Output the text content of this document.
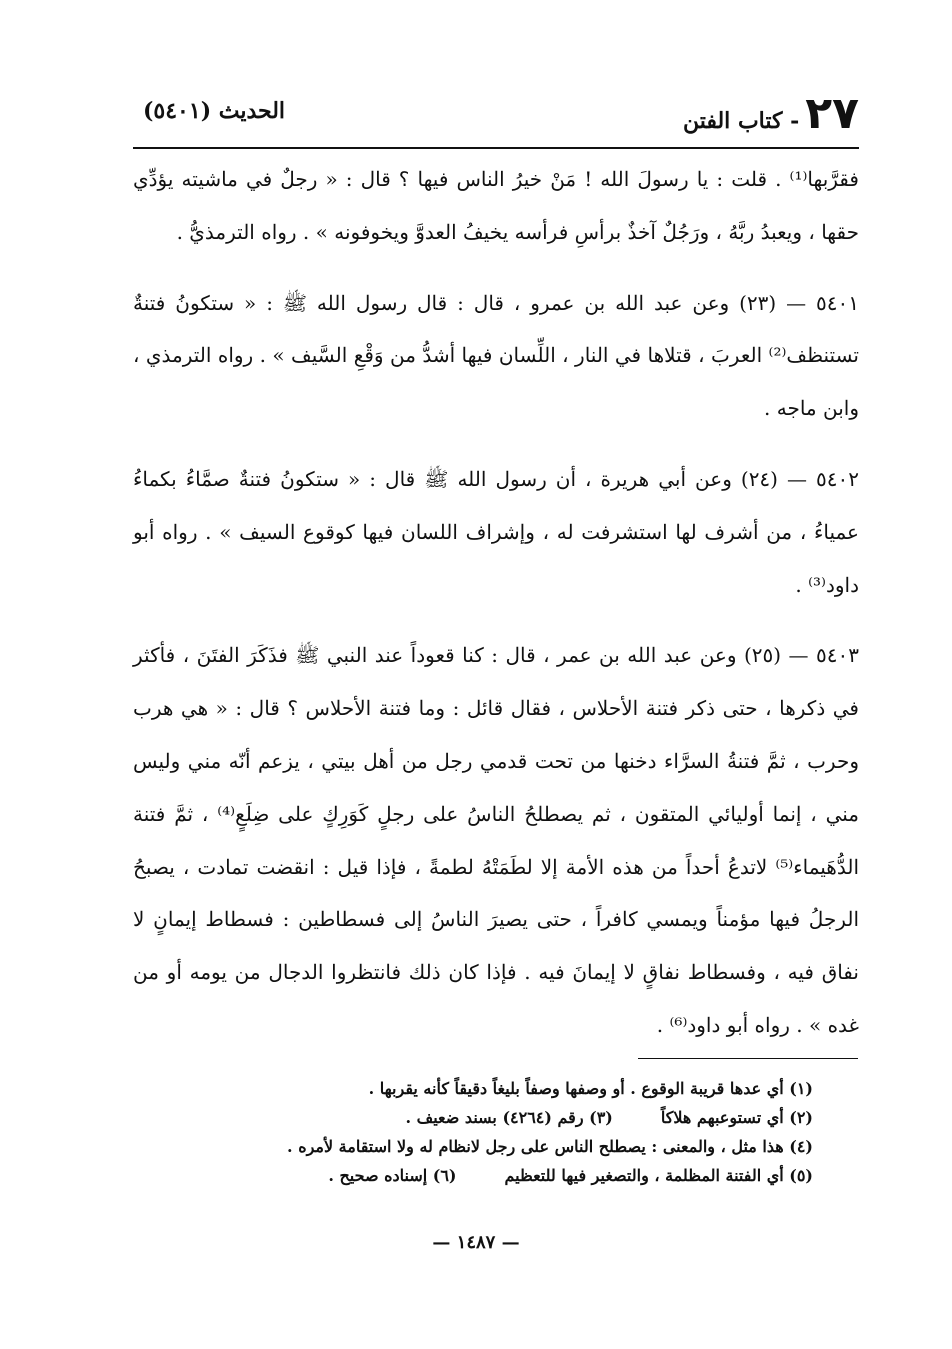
٢٧- كتاب الفتن
الحديث (٥٤٠١)

فقرَّبها⁽¹⁾ . قلت : يا رسولَ الله ! مَنْ خيرُ الناس فيها ؟ قال : « رجلٌ في ماشيته يؤدِّي حقها ، ويعبدُ ربَّهُ ، ورَجُلٌ آخذٌ برأسِ فرأسه يخيفُ العدوَّ ويخوفونه » . رواه الترمذيُّ .

٥٤٠١ — (٢٣) وعن عبد الله بن عمرو ، قال : قال رسول الله ﷺ : « ستكونُ فتنةٌ تستنظف⁽²⁾ العربَ ، قتلاها في النار ، اللِّسان فيها أشدُّ من وَقْعِ السَّيف » . رواه الترمذي ، وابن ماجه .

٥٤٠٢ — (٢٤) وعن أبي هريرة ، أن رسول الله ﷺ قال : « ستكونُ فتنةٌ صمَّاءُ بكماءُ عمياءُ ، من أشرف لها استشرفت له ، وإشراف اللسان فيها كوقوع السيف » . رواه أبو داود⁽³⁾ .

٥٤٠٣ — (٢٥) وعن عبد الله بن عمر ، قال : كنا قعوداً عند النبي ﷺ فذَكَرَ الفتَنَ ، فأكثر في ذكرها ، حتى ذكر فتنة الأحلاس ، فقال قائل : وما فتنة الأحلاس ؟ قال : « هي هرب وحرب ، ثمَّ فتنةُ السرَّاء دخنها من تحت قدمي رجل من أهل بيتي ، يزعم أنّه مني وليس مني ، إنما أوليائي المتقون ، ثم يصطلحُ الناسُ على رجلٍ كَوَرِكٍ على ضِلَعٍ⁽⁴⁾ ، ثمَّ فتنة الدُّهَيماء⁽⁵⁾ لاتدعُ أحداً من هذه الأمة إلا لطَمَتْهُ لطمةً ، فإذا قيل : انقضت تمادت ، يصبحُ الرجلُ فيها مؤمناً ويمسي كافراً ، حتى يصيرَ الناسُ إلى فسطاطين : فسطاط إيمانٍ لا نفاق فيه ، وفسطاط نفاقٍ لا إيمانَ فيه . فإذا كان ذلك فانتظروا الدجال من يومه أو من غده » . رواه أبو داود⁽⁶⁾ .

(١) أي عدها قريبة الوقوع . أو وصفها وصفاً بليغاً دقيقاً كأنه يقربها .
(٢) أي تستوعبهم هلاكاً
(٣) رقم (٤٢٦٤) بسند ضعيف .
(٤) هذا مثل ، والمعنى : يصطلح الناس على رجل لانظام له ولا استقامة لأمره .
(٥) أي الفتنة المظلمة ، والتصغير فيها للتعظيم
(٦) إسناده صحيح .
— ١٤٨٧ —
